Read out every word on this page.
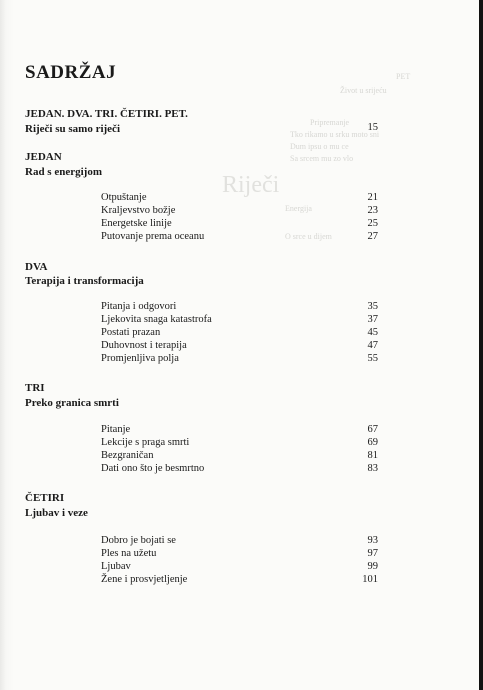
PET
Život u srijeću
Pripremanje
Tko rikamo u srku moto sni
Dum ipsu o mu ce
Sa srcem mu zo vlo
Riječi
Energija
O srce u dijem
SADRŽAJ
JEDAN. DVA. TRI. ČETIRI. PET.
Riječi su samo riječi	15
JEDAN
Rad s energijom
Otpuštanje	21
Kraljevstvo božje	23
Energetske linije	25
Putovanje prema oceanu	27
DVA
Terapija i transformacija
Pitanja i odgovori	35
Ljekovita snaga katastrofa	37
Postati prazan	45
Duhovnost i terapija	47
Promjenljiva polja	55
TRI
Preko granica smrti
Pitanje	67
Lekcije s praga smrti	69
Bezgraničan	81
Dati ono što je besmrtno	83
ČETIRI
Ljubav i veze
Dobro je bojati se	93
Ples na užetu	97
Ljubav	99
Žene i prosvjetljenje	101
